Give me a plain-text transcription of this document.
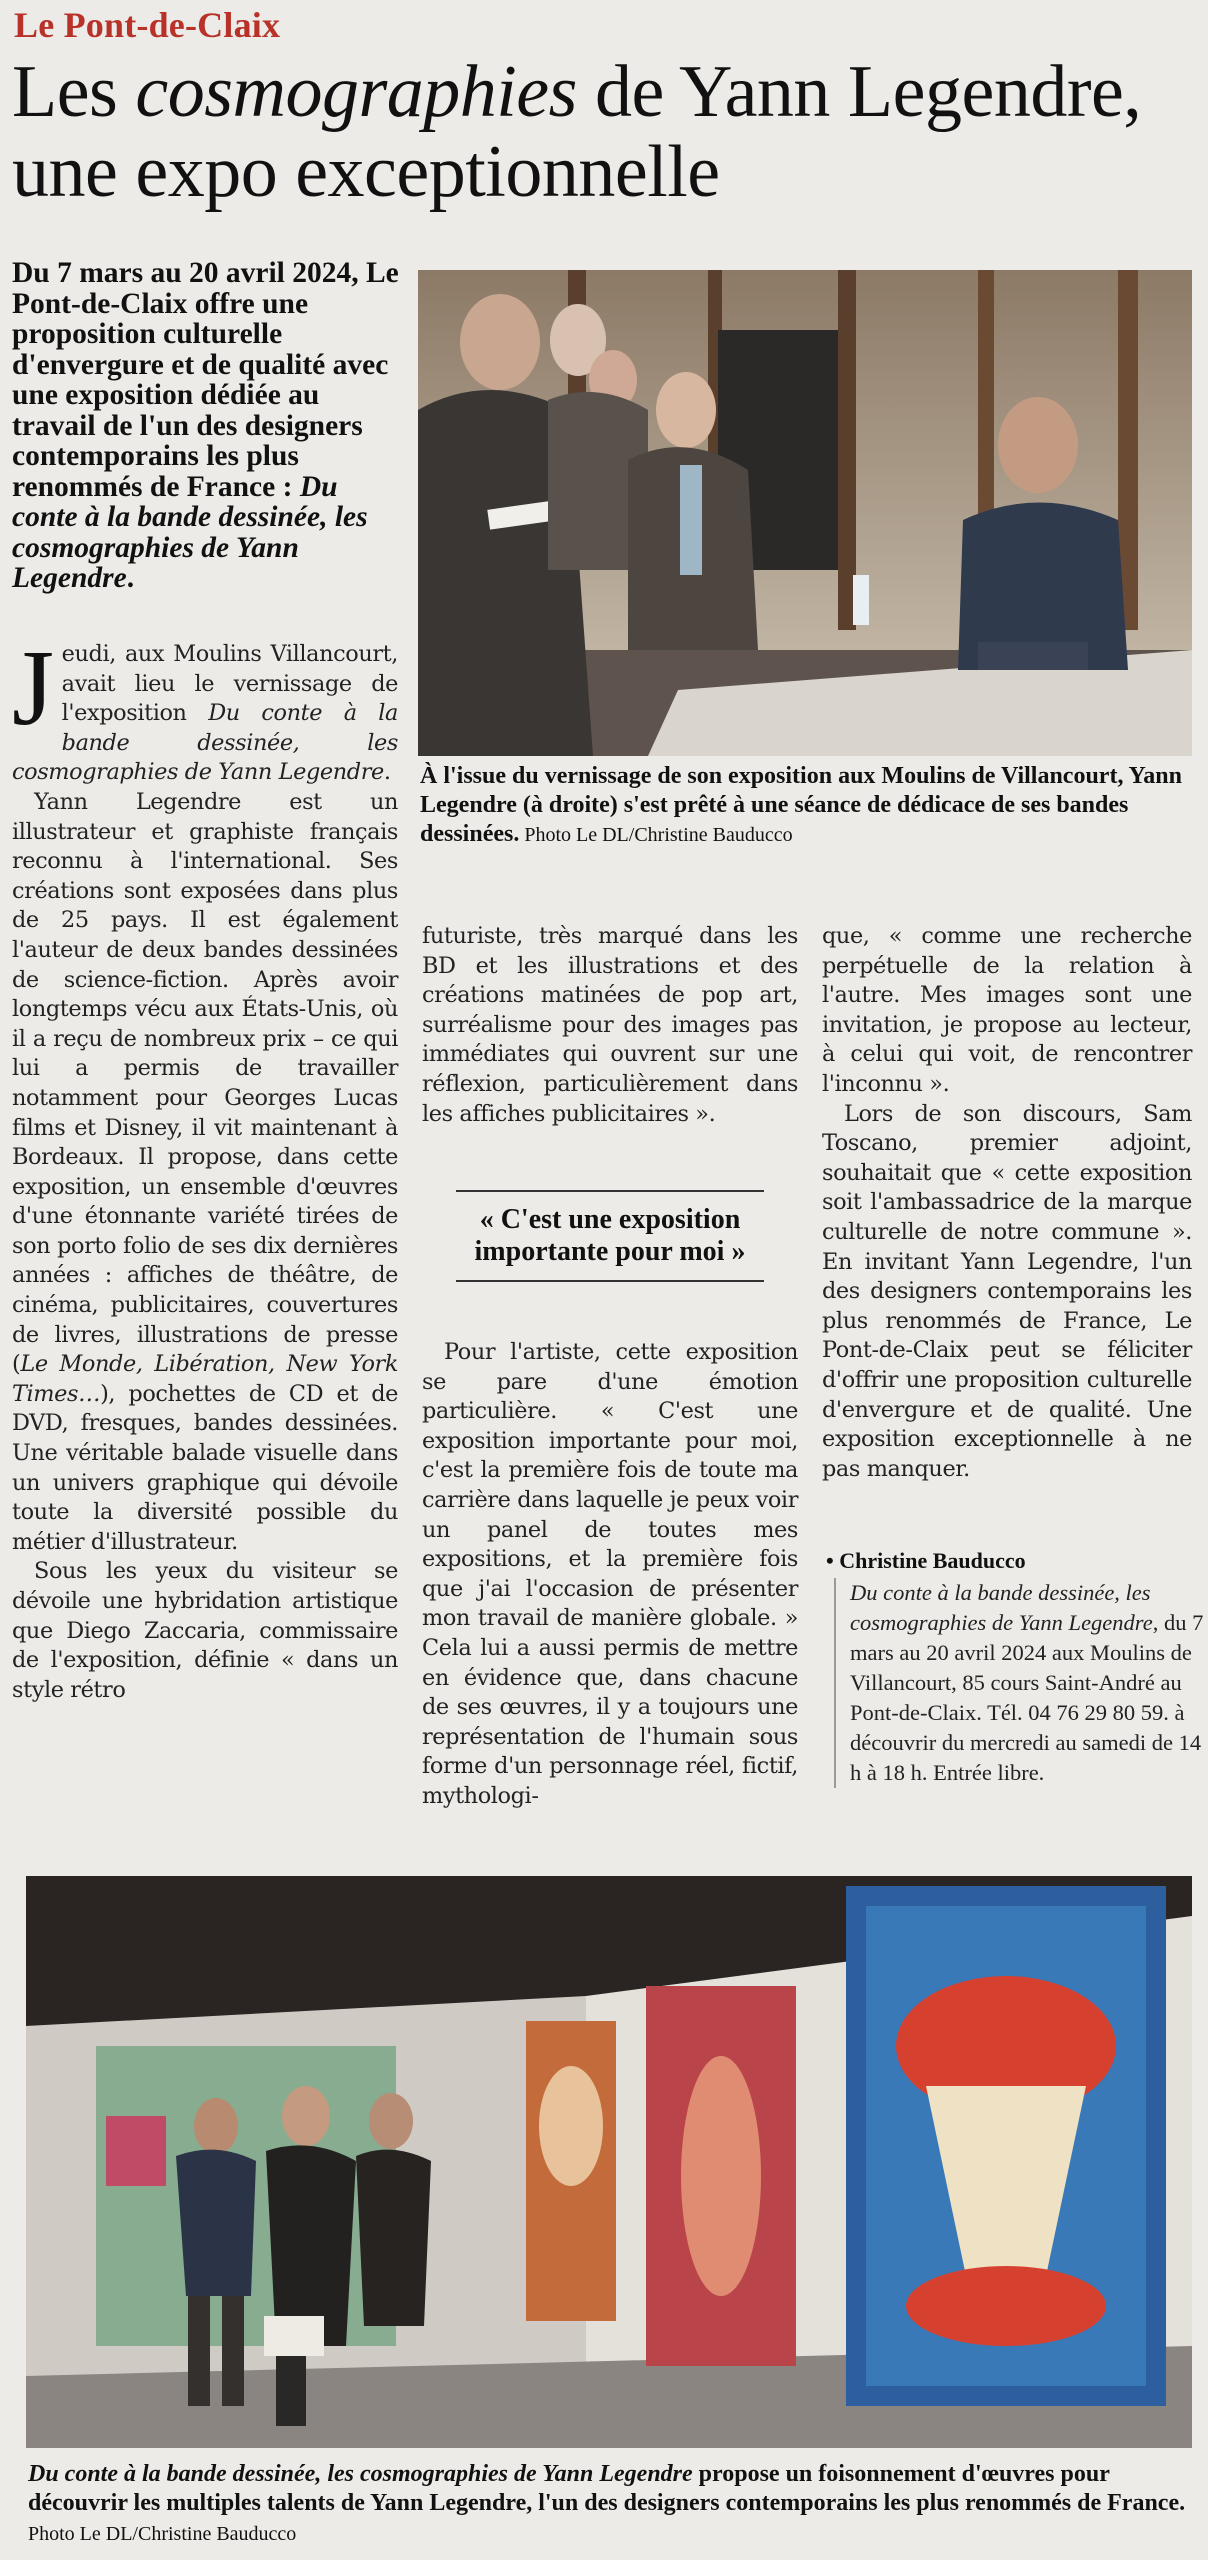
Le Pont-de-Claix
Les cosmographies de Yann Legendre, une expo exceptionnelle
Du 7 mars au 20 avril 2024, Le Pont-de-Claix offre une proposition culturelle d'envergure et de qualité avec une exposition dédiée au travail de l'un des designers contemporains les plus renommés de France : Du conte à la bande dessinée, les cosmographies de Yann Legendre.
À l'issue du vernissage de son exposition aux Moulins de Villancourt, Yann Legendre (à droite) s'est prêté à une séance de dédicace de ses bandes dessinées. Photo Le DL/Christine Bauducco

Jeudi, aux Moulins Villancourt, avait lieu le vernissage de l'exposition Du conte à la bande dessinée, les cosmographies de Yann Legendre.

Yann Legendre est un illustrateur et graphiste français reconnu à l'international. Ses créations sont exposées dans plus de 25 pays. Il est également l'auteur de deux bandes dessinées de science-fiction. Après avoir longtemps vécu aux États-Unis, où il a reçu de nombreux prix – ce qui lui a permis de travailler notamment pour Georges Lucas films et Disney, il vit maintenant à Bordeaux. Il propose, dans cette exposition, un ensemble d'œuvres d'une étonnante variété tirées de son porto folio de ses dix dernières années : affiches de théâtre, de cinéma, publicitaires, couvertures de livres, illustrations de presse (Le Monde, Libération, New York Times…), pochettes de CD et de DVD, fresques, bandes dessinées. Une véritable balade visuelle dans un univers graphique qui dévoile toute la diversité possible du métier d'illustrateur.

Sous les yeux du visiteur se dévoile une hybridation artistique que Diego Zaccaria, commissaire de l'exposition, définie « dans un style rétro

futuriste, très marqué dans les BD et les illustrations et des créations matinées de pop art, surréalisme pour des images pas immédiates qui ouvrent sur une réflexion, particulièrement dans les affiches publicitaires ».

« C'est une exposition importante pour moi »

Pour l'artiste, cette exposition se pare d'une émotion particulière. « C'est une exposition importante pour moi, c'est la première fois de toute ma carrière dans laquelle je peux voir un panel de toutes mes expositions, et la première fois que j'ai l'occasion de présenter mon travail de manière globale. » Cela lui a aussi permis de mettre en évidence que, dans chacune de ses œuvres, il y a toujours une représentation de l'humain sous forme d'un personnage réel, fictif, mythologi-

que, « comme une recherche perpétuelle de la relation à l'autre. Mes images sont une invitation, je propose au lecteur, à celui qui voit, de rencontrer l'inconnu ».

Lors de son discours, Sam Toscano, premier adjoint, souhaitait que « cette exposition soit l'ambassadrice de la marque culturelle de notre commune ». En invitant Yann Legendre, l'un des designers contemporains les plus renommés de France, Le Pont-de-Claix peut se féliciter d'offrir une proposition culturelle d'envergure et de qualité. Une exposition exceptionnelle à ne pas manquer.

• Christine Bauducco
Du conte à la bande dessinée, les cosmographies de Yann Legendre, du 7 mars au 20 avril 2024 aux Moulins de Villancourt, 85 cours Saint-André au Pont-de-Claix. Tél. 04 76 29 80 59. à découvrir du mercredi au samedi de 14 h à 18 h. Entrée libre.
Du conte à la bande dessinée, les cosmographies de Yann Legendre propose un foisonnement d'œuvres pour découvrir les multiples talents de Yann Legendre, l'un des designers contemporains les plus renommés de France. Photo Le DL/Christine Bauducco
